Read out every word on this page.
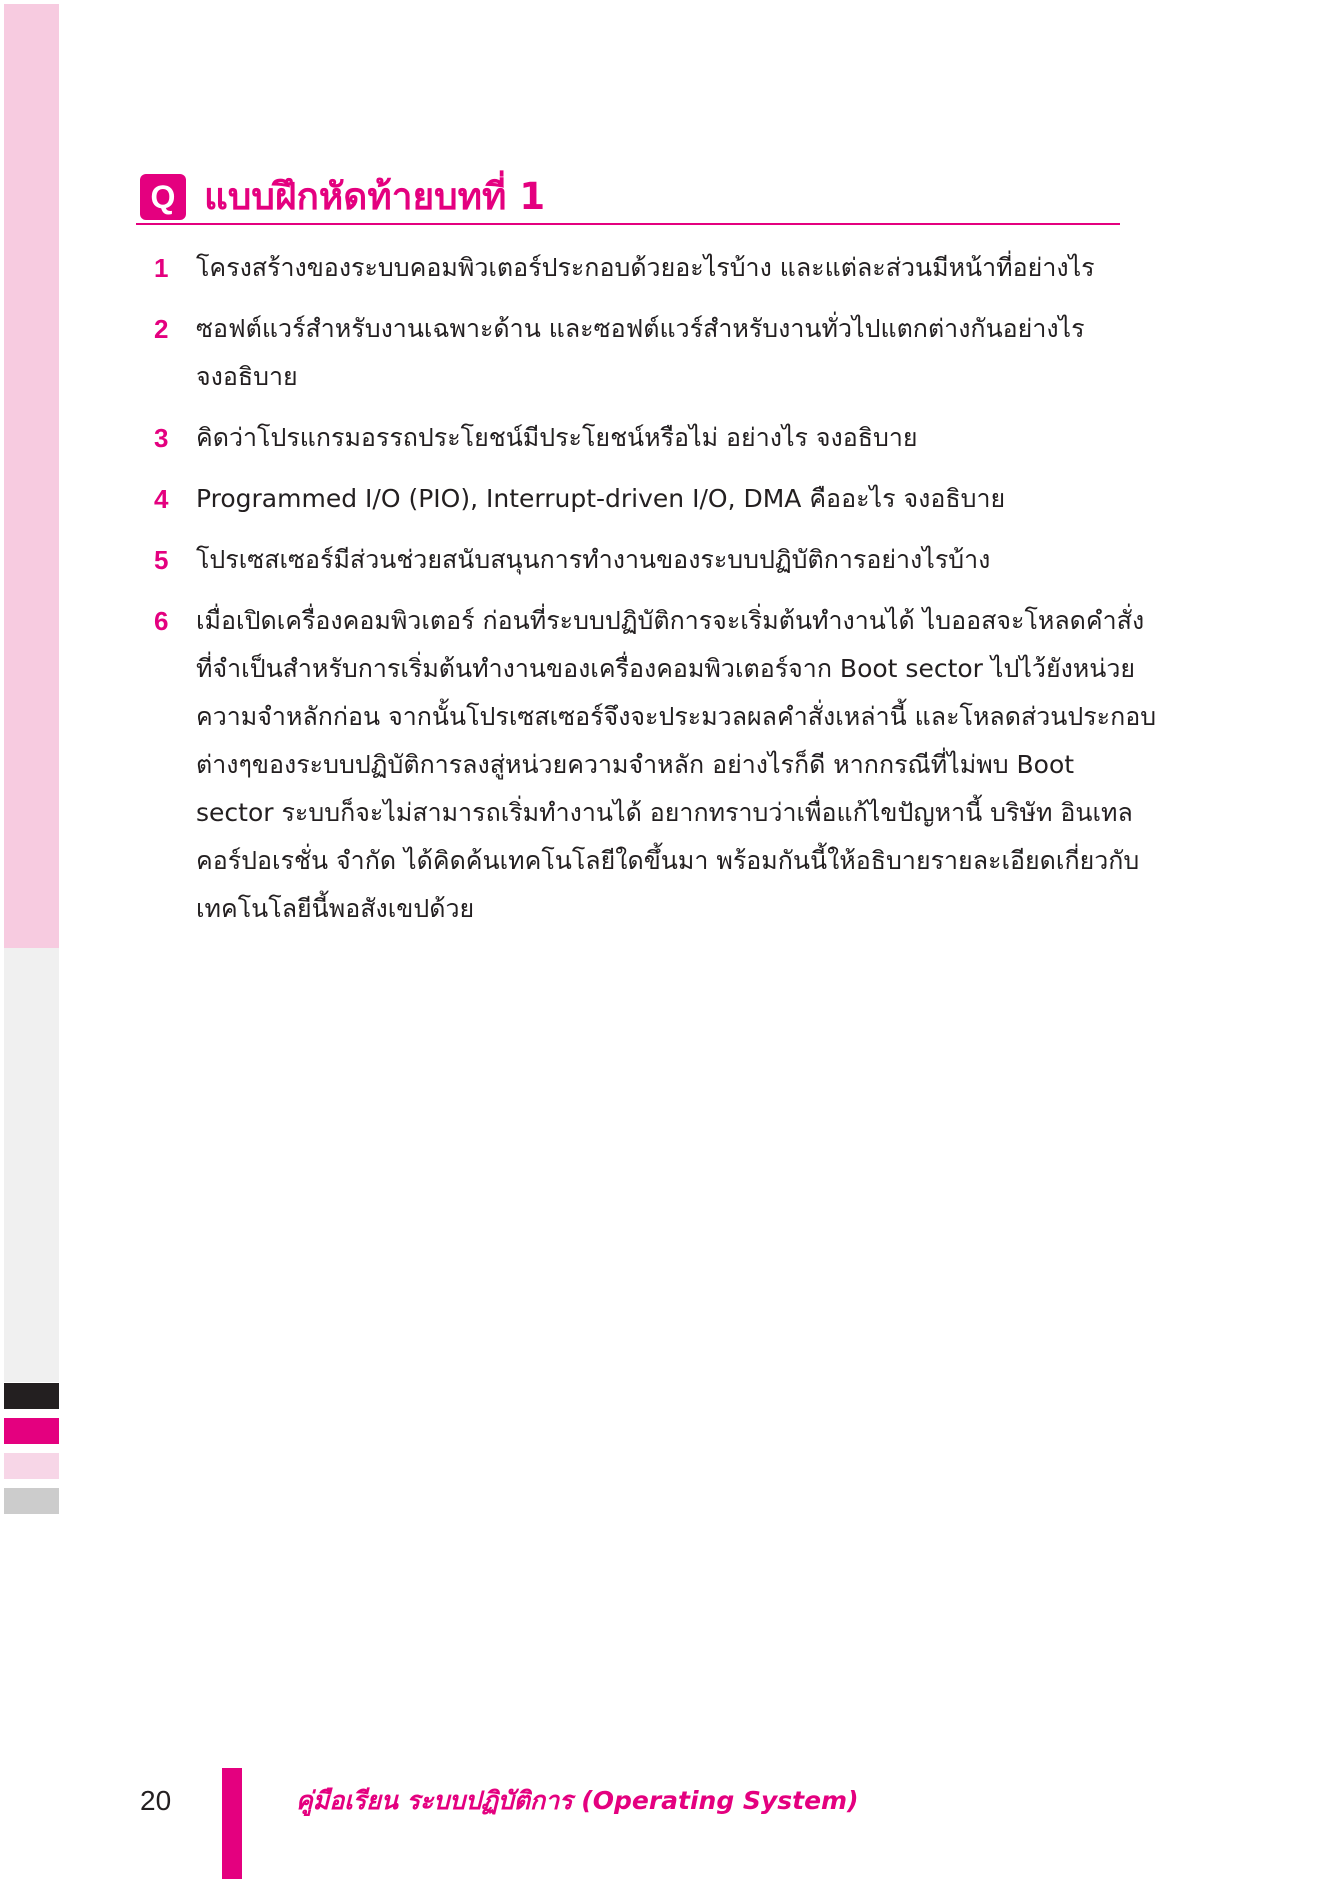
Q แบบฝึกหัดท้ายบทที่ 1
1 โครงสร้างของระบบคอมพิวเตอร์ประกอบด้วยอะไรบ้าง และแต่ละส่วนมีหน้าที่อย่างไร
2 ซอฟต์แวร์สำหรับงานเฉพาะด้าน และซอฟต์แวร์สำหรับงานทั่วไปแตกต่างกันอย่างไร
จงอธิบาย
3 คิดว่าโปรแกรมอรรถประโยชน์มีประโยชน์หรือไม่ อย่างไร จงอธิบาย
4 Programmed I/O (PIO), Interrupt-driven I/O, DMA คืออะไร จงอธิบาย
5 โปรเซสเซอร์มีส่วนช่วยสนับสนุนการทำงานของระบบปฏิบัติการอย่างไรบ้าง
6 เมื่อเปิดเครื่องคอมพิวเตอร์ ก่อนที่ระบบปฏิบัติการจะเริ่มต้นทำงานได้ ไบออสจะโหลดคำสั่ง
ที่จำเป็นสำหรับการเริ่มต้นทำงานของเครื่องคอมพิวเตอร์จาก Boot sector ไปไว้ยังหน่วย
ความจำหลักก่อน จากนั้นโปรเซสเซอร์จึงจะประมวลผลคำสั่งเหล่านี้ และโหลดส่วนประกอบ
ต่างๆของระบบปฏิบัติการลงสู่หน่วยความจำหลัก อย่างไรก็ดี หากกรณีที่ไม่พบ Boot
sector ระบบก็จะไม่สามารถเริ่มทำงานได้ อยากทราบว่าเพื่อแก้ไขปัญหานี้ บริษัท อินเทล
คอร์ปอเรชั่น จำกัด ได้คิดค้นเทคโนโลยีใดขึ้นมา พร้อมกันนี้ให้อธิบายรายละเอียดเกี่ยวกับ
เทคโนโลยีนี้พอสังเขปด้วย
20	คู่มือเรียน ระบบปฏิบัติการ (Operating System)
